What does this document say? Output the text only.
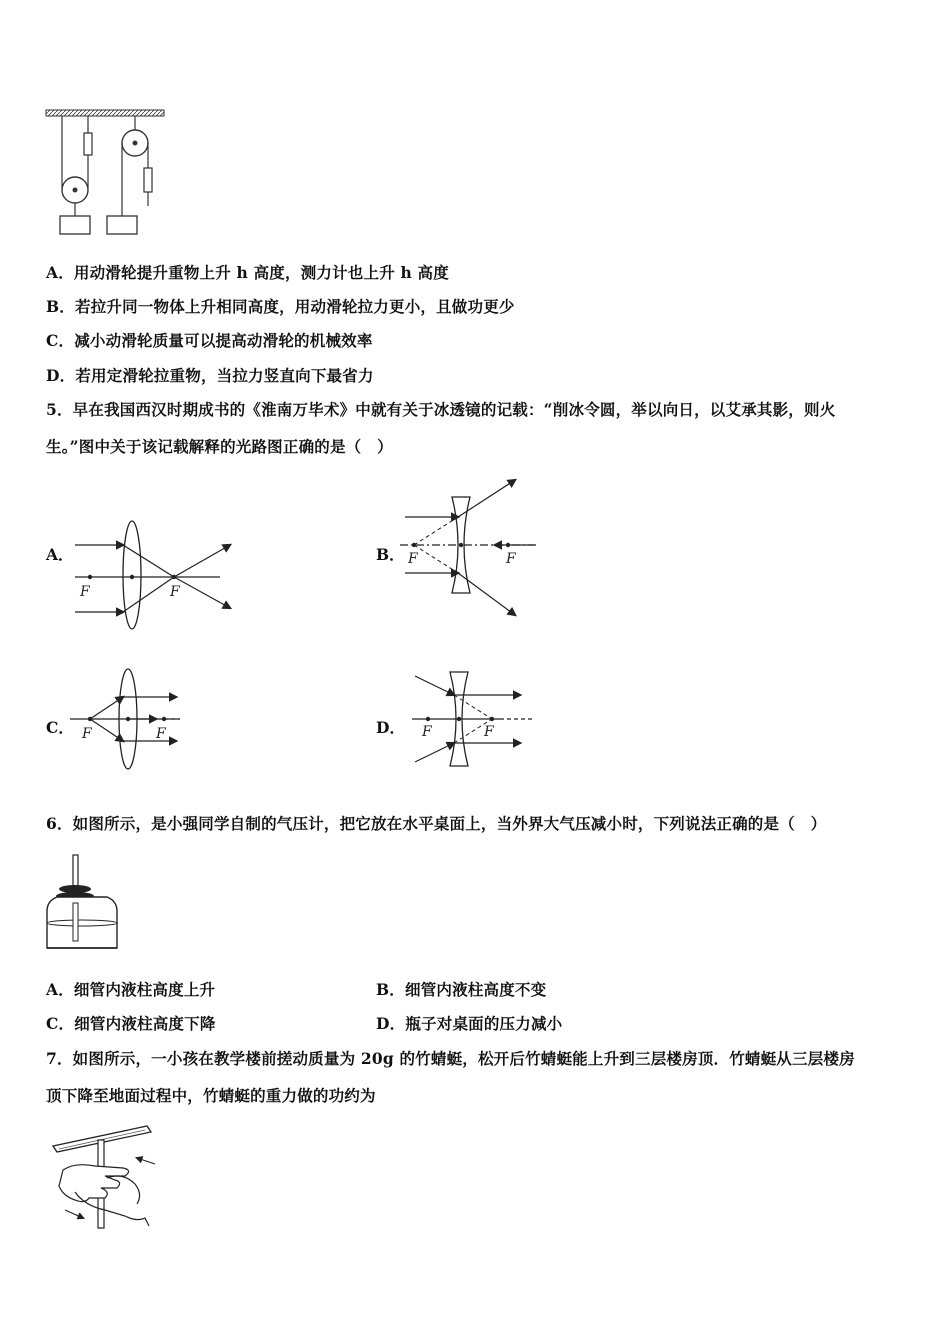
A．用动滑轮提升重物上升 h 高度，测力计也上升 h 高度
B．若拉升同一物体上升相同高度，用动滑轮拉力更小，且做功更少
C．减小动滑轮质量可以提高动滑轮的机械效率
D．若用定滑轮拉重物，当拉力竖直向下最省力
5．早在我国西汉时期成书的《淮南万毕术》中就有关于冰透镜的记载：“削冰令圆，举以向日，以艾承其影，则火
生。”图中关于该记载解释的光路图正确的是（　）
A．
F	F
B． F	F
C． F	F	D． F	F
6．如图所示，是小强同学自制的气压计，把它放在水平桌面上，当外界大气压减小时，下列说法正确的是（　）
A．细管内液柱高度上升	B．细管内液柱高度不变
C．细管内液柱高度下降	D．瓶子对桌面的压力减小
7．如图所示，一小孩在教学楼前搓动质量为 20g 的竹蜻蜓，松开后竹蜻蜓能上升到三层楼房顶．竹蜻蜓从三层楼房
顶下降至地面过程中，竹蜻蜓的重力做的功约为
